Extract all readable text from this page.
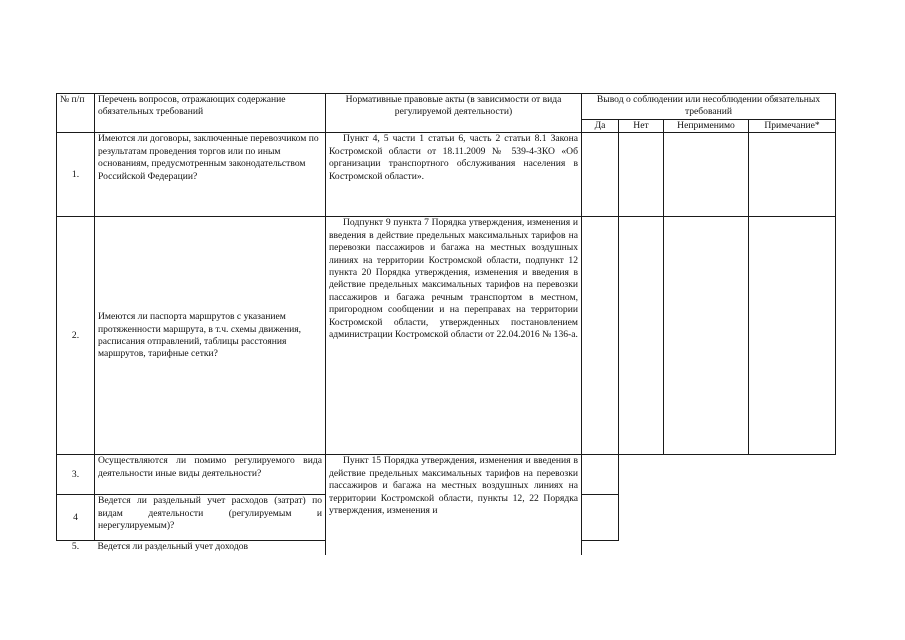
№ п/п	Перечень вопросов, отражающих содержание обязательных требований	Нормативные правовые акты (в зависимости от вида регулируемой деятельности)	Вывод о соблюдении или несоблюдении обязательных требований			

			Да	Нет	Неприменимо	Примечание*
1.	Имеются ли договоры, заключенные перевозчиком по результатам проведения торгов или по иным основаниям, предусмотренным законодательством Российской Федерации?	Пункт 4, 5 части 1 статьи 6, часть 2 статьи 8.1 Закона Костромской области от 18.11.2009 № 539-4-ЗКО «Об организации транспортного обслуживания населения в Костромской области».				
2.	Имеются ли паспорта маршрутов с указанием протяженности маршрута, в т.ч. схемы движения, расписания отправлений, таблицы расстояния маршрутов, тарифные сетки?	Подпункт 9 пункта 7 Порядка утверждения, изменения и введения в действие предельных максимальных тарифов на перевозки пассажиров и багажа на местных воздушных линиях на территории Костромской области, подпункт 12 пункта 20 Порядка утверждения, изменения и введения в действие предельных максимальных тарифов на перевозки пассажиров и багажа речным транспортом в местном, пригородном сообщении и на переправах на территории Костромской области, утвержденных постановлением администрации Костромской области от 22.04.2016 № 136-а.				
3.	Осуществляются ли помимо регулируемого вида деятельности иные виды деятельности?	Пункт 15 Порядка утверждения, изменения и введения в действие предельных максимальных тарифов на перевозки пассажиров и багажа на местных воздушных линиях на территории Костромской области, пункты 12, 22 Порядка утверждения, изменения и				
4	Ведется ли раздельный учет расходов (затрат) по видам деятельности (регулируемым и нерегулируемым)?					
5.	Ведется ли раздельный учет доходов					
